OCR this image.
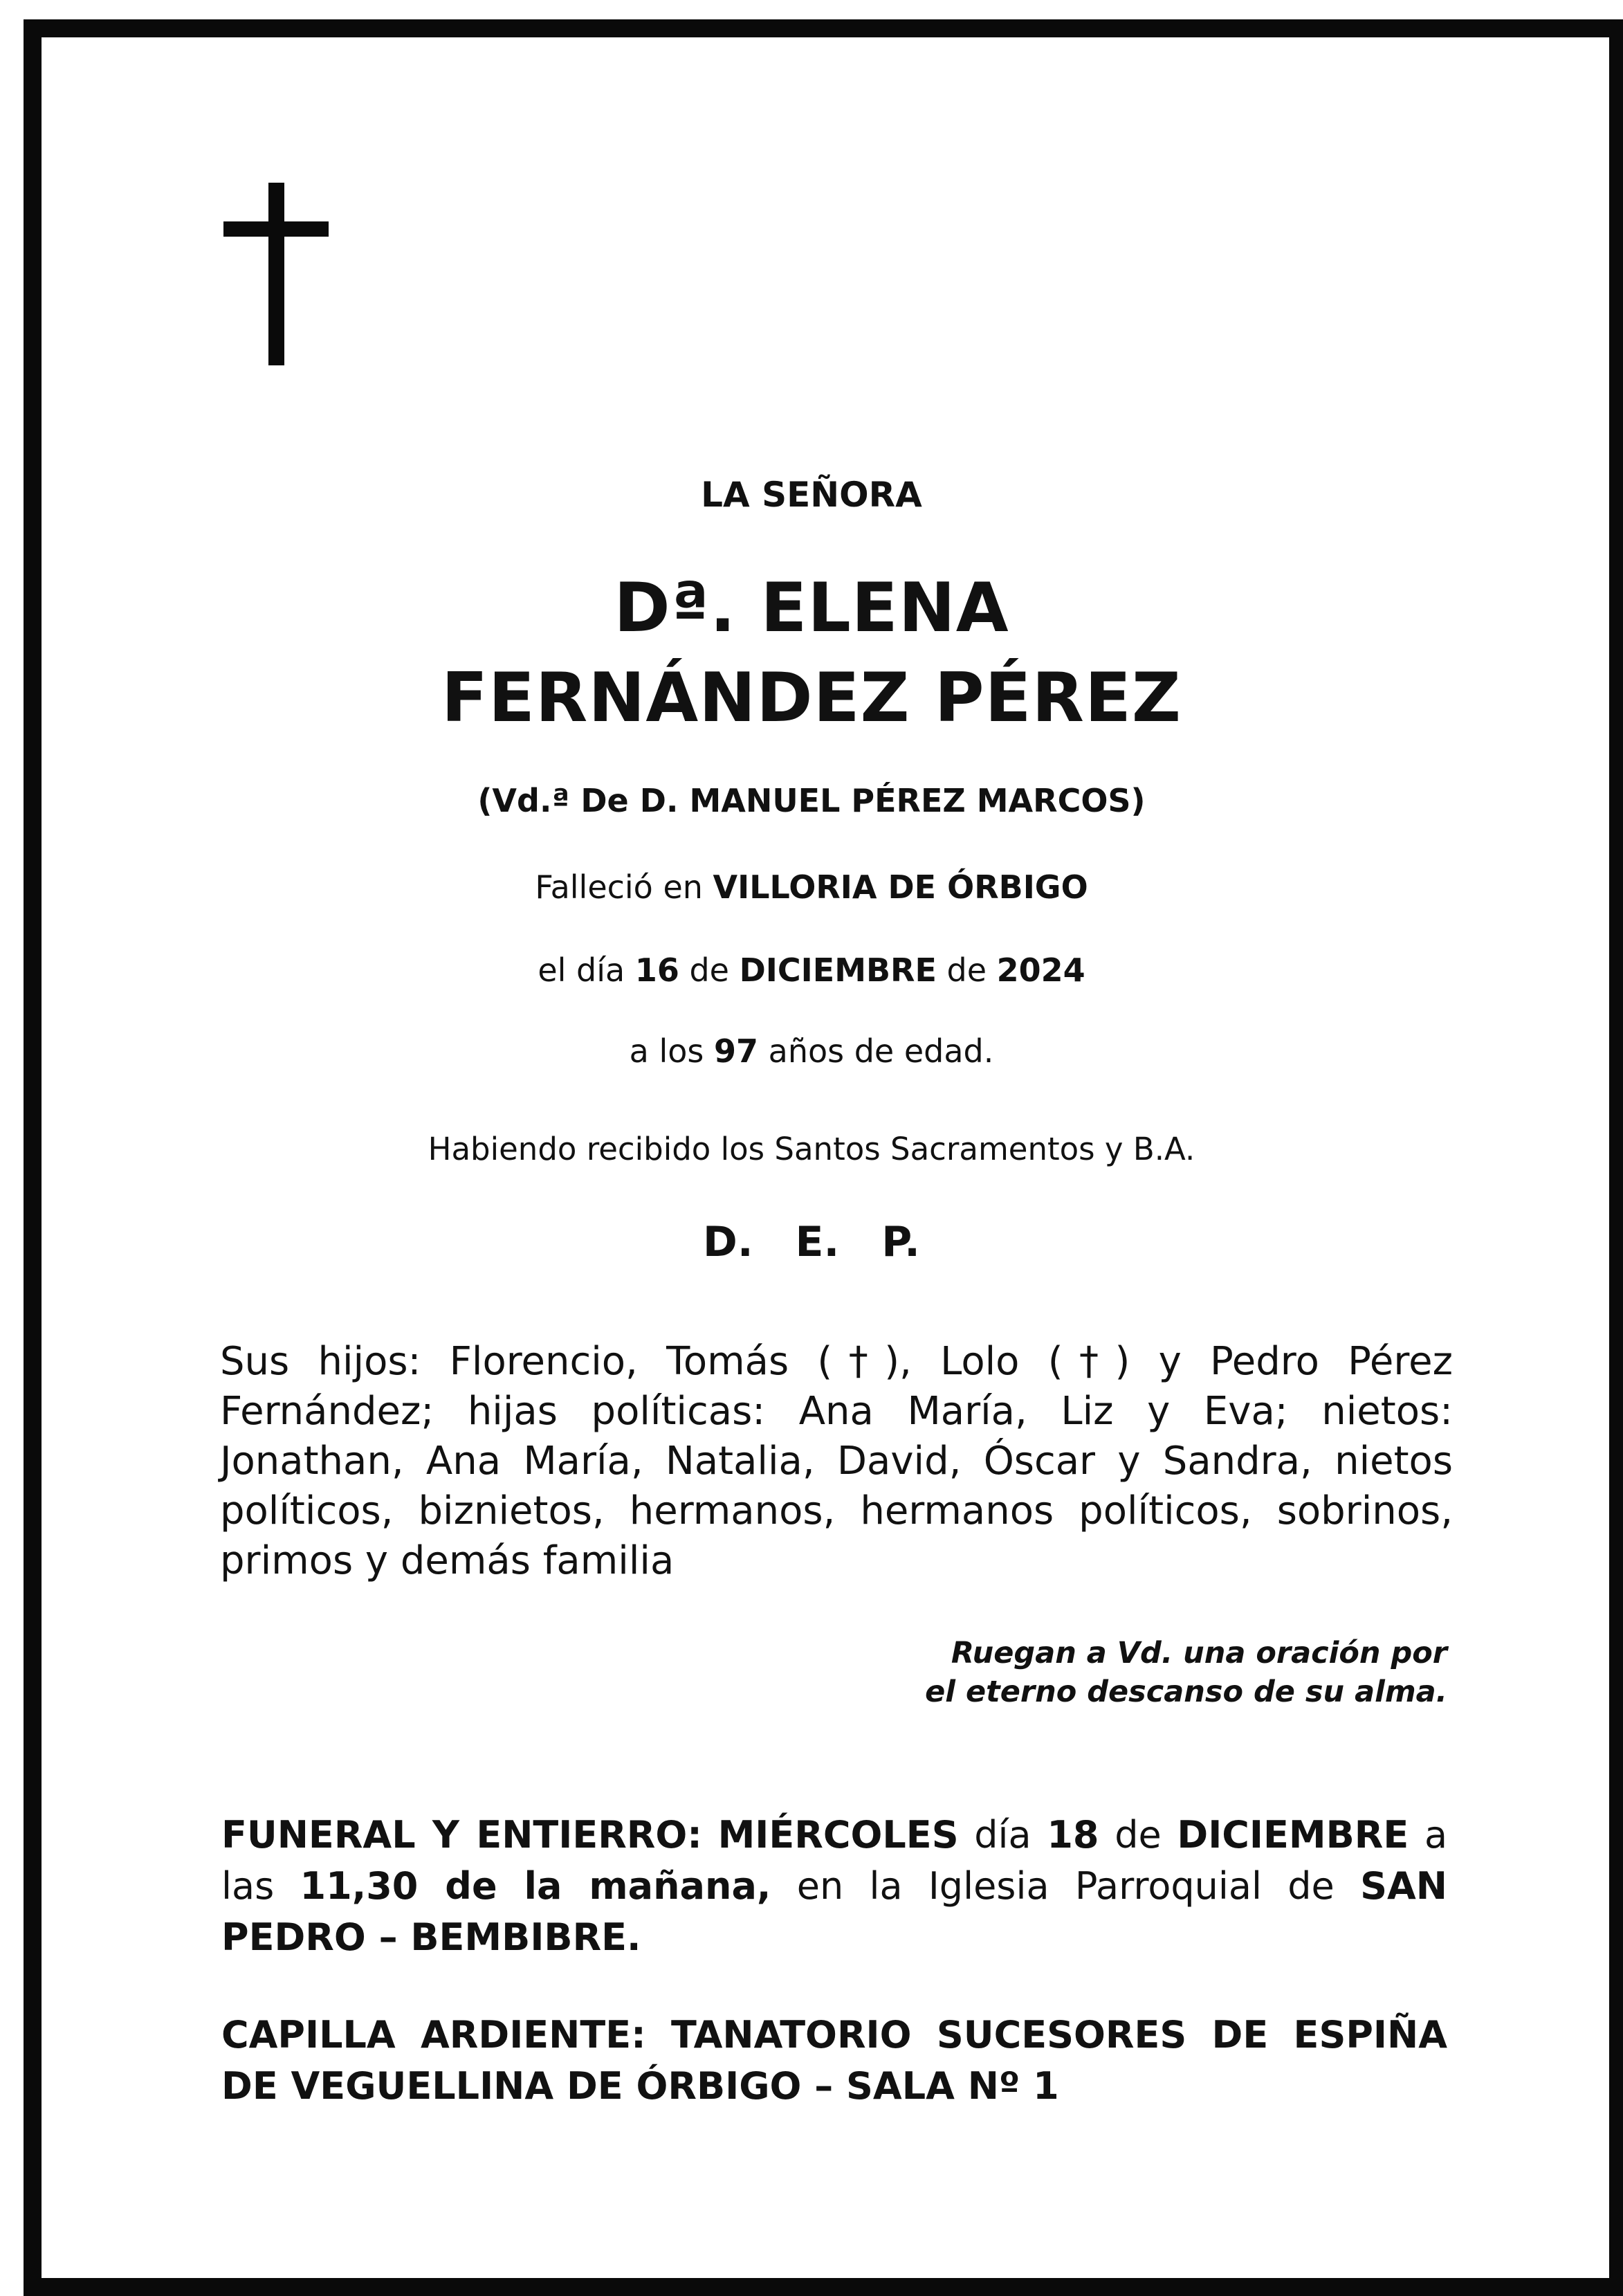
LA SEÑORA
Dª. ELENA
FERNÁNDEZ PÉREZ
(Vd.ª De D. MANUEL PÉREZ MARCOS)
Falleció en VILLORIA DE ÓRBIGO
el día 16 de DICIEMBRE de 2024
a los 97 años de edad.
Habiendo recibido los Santos Sacramentos y B.A.
D. E. P.
Sus hijos: Florencio, Tomás (†), Lolo (†) y Pedro Pérez Fernández; hijas políticas: Ana María, Liz y Eva; nietos: Jonathan, Ana María, Natalia, David, Óscar y Sandra, nietos políticos, biznietos, hermanos, hermanos políticos, sobrinos, primos y demás familia
Ruegan a Vd. una oración por
el eterno descanso de su alma.
FUNERAL Y ENTIERRO: MIÉRCOLES día 18 de DICIEMBRE a las 11,30 de la mañana, en la Iglesia Parroquial de SAN PEDRO – BEMBIBRE.
CAPILLA ARDIENTE: TANATORIO SUCESORES DE ESPIÑA DE VEGUELLINA DE ÓRBIGO – SALA Nº 1
